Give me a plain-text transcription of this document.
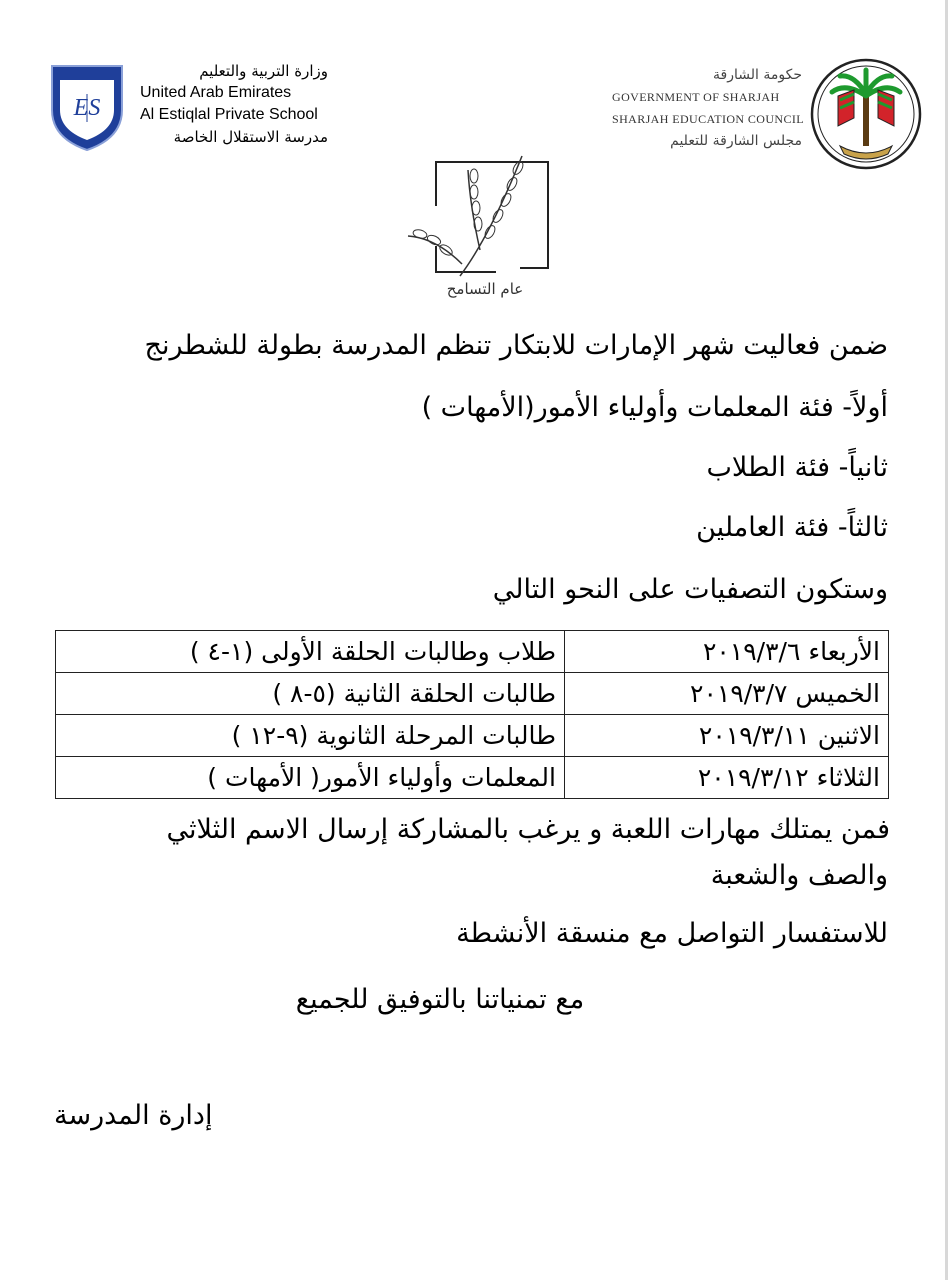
ES
وزارة التربية والتعليم
United Arab Emirates
Al Estiqlal Private School
مدرسة الاستقلال الخاصة
حكومة الشارقة
GOVERNMENT OF SHARJAH
SHARJAH EDUCATION COUNCIL
مجلس الشارقة للتعليم
عام التسامح
ضمن فعاليت شهر الإمارات للابتكار تنظم المدرسة بطولة للشطرنج
أولاً- فئة المعلمات وأولياء الأمور(الأمهات )
ثانياً- فئة الطلاب
ثالثاً- فئة العاملين
وستكون التصفيات على النحو التالي
الأربعاء ٢٠١٩/٣/٦	طلاب وطالبات الحلقة الأولى (١-٤ )
الخميس ٢٠١٩/٣/٧	طالبات الحلقة الثانية (٥-٨ )
الاثنين ٢٠١٩/٣/١١	طالبات المرحلة الثانوية (٩-١٢ )
الثلاثاء ٢٠١٩/٣/١٢	المعلمات وأولياء الأمور( الأمهات )
فمن يمتلك مهارات اللعبة و يرغب بالمشاركة إرسال الاسم الثلاثي
والصف والشعبة
للاستفسار التواصل مع منسقة الأنشطة
مع تمنياتنا بالتوفيق للجميع
إدارة المدرسة
